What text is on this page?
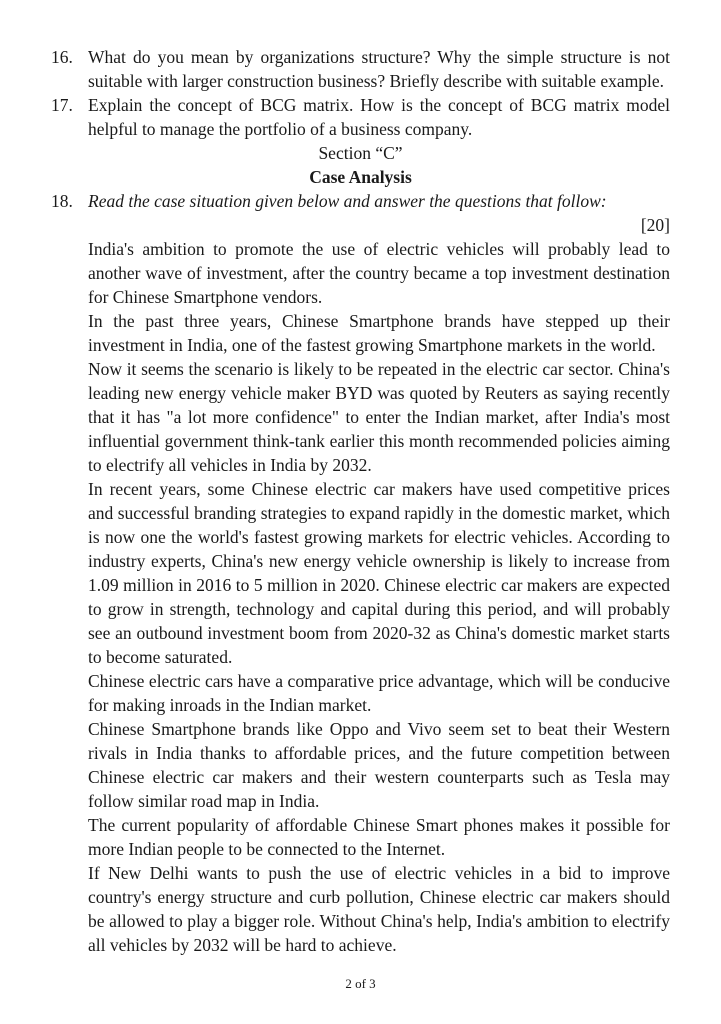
16. What do you mean by organizations structure? Why the simple structure is not suitable with larger construction business? Briefly describe with suitable example.
17. Explain the concept of BCG matrix. How is the concept of BCG matrix model helpful to manage the portfolio of a business company.
Section “C”
Case Analysis
18. Read the case situation given below and answer the questions that follow:
[20]

India's ambition to promote the use of electric vehicles will probably lead to another wave of investment, after the country became a top investment destination for Chinese Smartphone vendors.

In the past three years, Chinese Smartphone brands have stepped up their investment in India, one of the fastest growing Smartphone markets in the world.

Now it seems the scenario is likely to be repeated in the electric car sector. China's leading new energy vehicle maker BYD was quoted by Reuters as saying recently that it has "a lot more confidence" to enter the Indian market, after India's most influential government think-tank earlier this month recommended policies aiming to electrify all vehicles in India by 2032.

In recent years, some Chinese electric car makers have used competitive prices and successful branding strategies to expand rapidly in the domestic market, which is now one the world's fastest growing markets for electric vehicles. According to industry experts, China's new energy vehicle ownership is likely to increase from 1.09 million in 2016 to 5 million in 2020. Chinese electric car makers are expected to grow in strength, technology and capital during this period, and will probably see an outbound investment boom from 2020-32 as China's domestic market starts to become saturated.

Chinese electric cars have a comparative price advantage, which will be conducive for making inroads in the Indian market.

Chinese Smartphone brands like Oppo and Vivo seem set to beat their Western rivals in India thanks to affordable prices, and the future competition between Chinese electric car makers and their western counterparts such as Tesla may follow similar road map in India.

The current popularity of affordable Chinese Smart phones makes it possible for more Indian people to be connected to the Internet.

If New Delhi wants to push the use of electric vehicles in a bid to improve country's energy structure and curb pollution, Chinese electric car makers should be allowed to play a bigger role. Without China's help, India's ambition to electrify all vehicles by 2032 will be hard to achieve.

2 of 3
